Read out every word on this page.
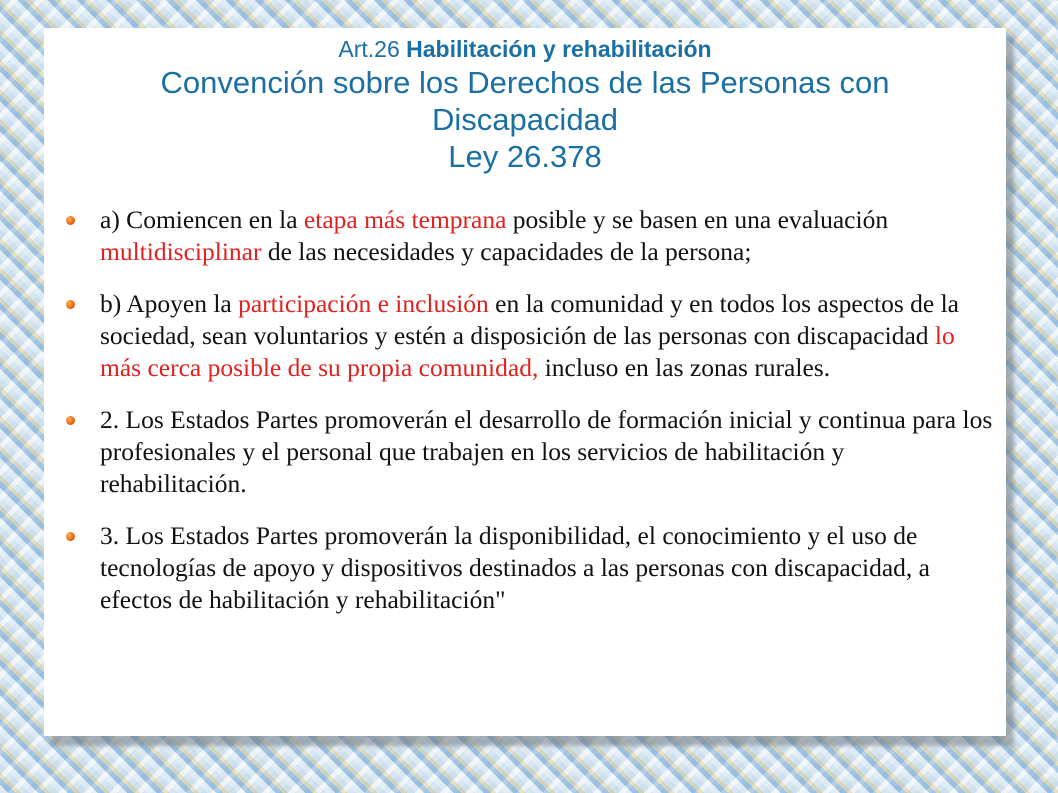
Art.26 Habilitación y rehabilitación
Convención sobre los Derechos de las Personas con Discapacidad
Ley 26.378
a) Comiencen en la etapa más temprana posible y se basen en una evaluación multidisciplinar de las necesidades y capacidades de la persona;
b) Apoyen la participación e inclusión en la comunidad y en todos los aspectos de la sociedad, sean voluntarios y estén a disposición de las personas con discapacidad lo más cerca posible de su propia comunidad, incluso en las zonas rurales.
2. Los Estados Partes promoverán el desarrollo de formación inicial y continua para los profesionales y el personal que trabajen en los servicios de habilitación y rehabilitación.
3. Los Estados Partes promoverán la disponibilidad, el conocimiento y el uso de tecnologías de apoyo y dispositivos destinados a las personas con discapacidad, a efectos de habilitación y rehabilitación"
